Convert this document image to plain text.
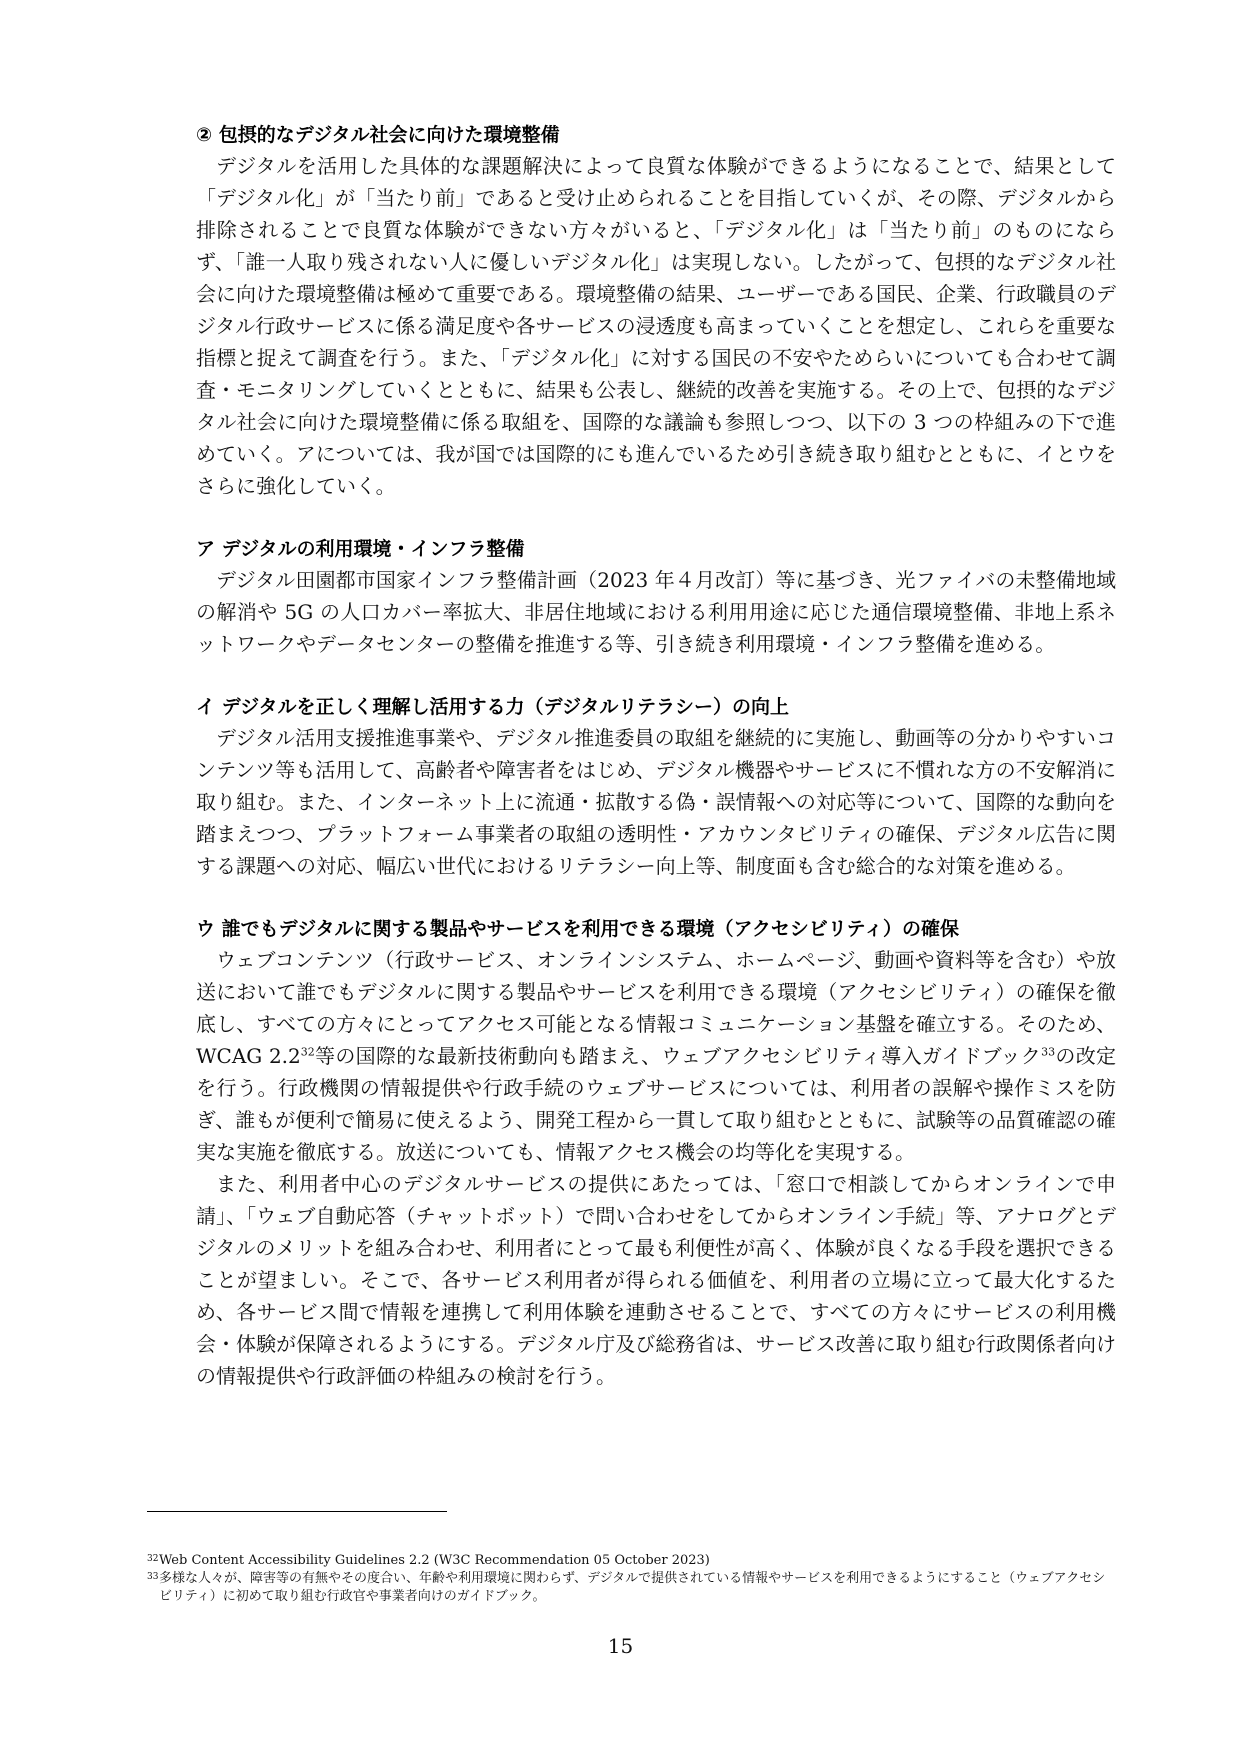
② 包摂的なデジタル社会に向けた環境整備

デジタルを活用した具体的な課題解決によって良質な体験ができるようになることで、結果として「デジタル化」が「当たり前」であると受け止められることを目指していくが、その際、デジタルから排除されることで良質な体験ができない方々がいると、「デジタル化」は「当たり前」のものにならず、「誰一人取り残されない人に優しいデジタル化」は実現しない。したがって、包摂的なデジタル社会に向けた環境整備は極めて重要である。環境整備の結果、ユーザーである国民、企業、行政職員のデジタル行政サービスに係る満足度や各サービスの浸透度も高まっていくことを想定し、これらを重要な指標と捉えて調査を行う。また、「デジタル化」に対する国民の不安やためらいについても合わせて調査・モニタリングしていくとともに、結果も公表し、継続的改善を実施する。その上で、包摂的なデジタル社会に向けた環境整備に係る取組を、国際的な議論も参照しつつ、以下の 3 つの枠組みの下で進めていく。アについては、我が国では国際的にも進んでいるため引き続き取り組むとともに、イとウをさらに強化していく。

ア デジタルの利用環境・インフラ整備

デジタル田園都市国家インフラ整備計画（2023 年４月改訂）等に基づき、光ファイバの未整備地域の解消や 5G の人口カバー率拡大、非居住地域における利用用途に応じた通信環境整備、非地上系ネットワークやデータセンターの整備を推進する等、引き続き利用環境・インフラ整備を進める。

イ デジタルを正しく理解し活用する力（デジタルリテラシー）の向上

デジタル活用支援推進事業や、デジタル推進委員の取組を継続的に実施し、動画等の分かりやすいコンテンツ等も活用して、高齢者や障害者をはじめ、デジタル機器やサービスに不慣れな方の不安解消に取り組む。また、インターネット上に流通・拡散する偽・誤情報への対応等について、国際的な動向を踏まえつつ、プラットフォーム事業者の取組の透明性・アカウンタビリティの確保、デジタル広告に関する課題への対応、幅広い世代におけるリテラシー向上等、制度面も含む総合的な対策を進める。

ウ 誰でもデジタルに関する製品やサービスを利用できる環境（アクセシビリティ）の確保

ウェブコンテンツ（行政サービス、オンラインシステム、ホームページ、動画や資料等を含む）や放送において誰でもデジタルに関する製品やサービスを利用できる環境（アクセシビリティ）の確保を徹底し、すべての方々にとってアクセス可能となる情報コミュニケーション基盤を確立する。そのため、WCAG 2.2$^{32}$等の国際的な最新技術動向も踏まえ、ウェブアクセシビリティ導入ガイドブック$^{33}$の改定を行う。行政機関の情報提供や行政手続のウェブサービスについては、利用者の誤解や操作ミスを防ぎ、誰もが便利で簡易に使えるよう、開発工程から一貫して取り組むとともに、試験等の品質確認の確実な実施を徹底する。放送についても、情報アクセス機会の均等化を実現する。

また、利用者中心のデジタルサービスの提供にあたっては、「窓口で相談してからオンラインで申請」、「ウェブ自動応答（チャットボット）で問い合わせをしてからオンライン手続」等、アナログとデジタルのメリットを組み合わせ、利用者にとって最も利便性が高く、体験が良くなる手段を選択できることが望ましい。そこで、各サービス利用者が得られる価値を、利用者の立場に立って最大化するため、各サービス間で情報を連携して利用体験を連動させることで、すべての方々にサービスの利用機会・体験が保障されるようにする。デジタル庁及び総務省は、サービス改善に取り組む行政関係者向けの情報提供や行政評価の枠組みの検討を行う。

32 Web Content Accessibility Guidelines 2.2 (W3C Recommendation 05 October 2023)

33 多様な人々が、障害等の有無やその度合い、年齢や利用環境に関わらず、デジタルで提供されている情報やサービスを利用できるようにすること（ウェブアクセシビリティ）に初めて取り組む行政官や事業者向けのガイドブック。

15
